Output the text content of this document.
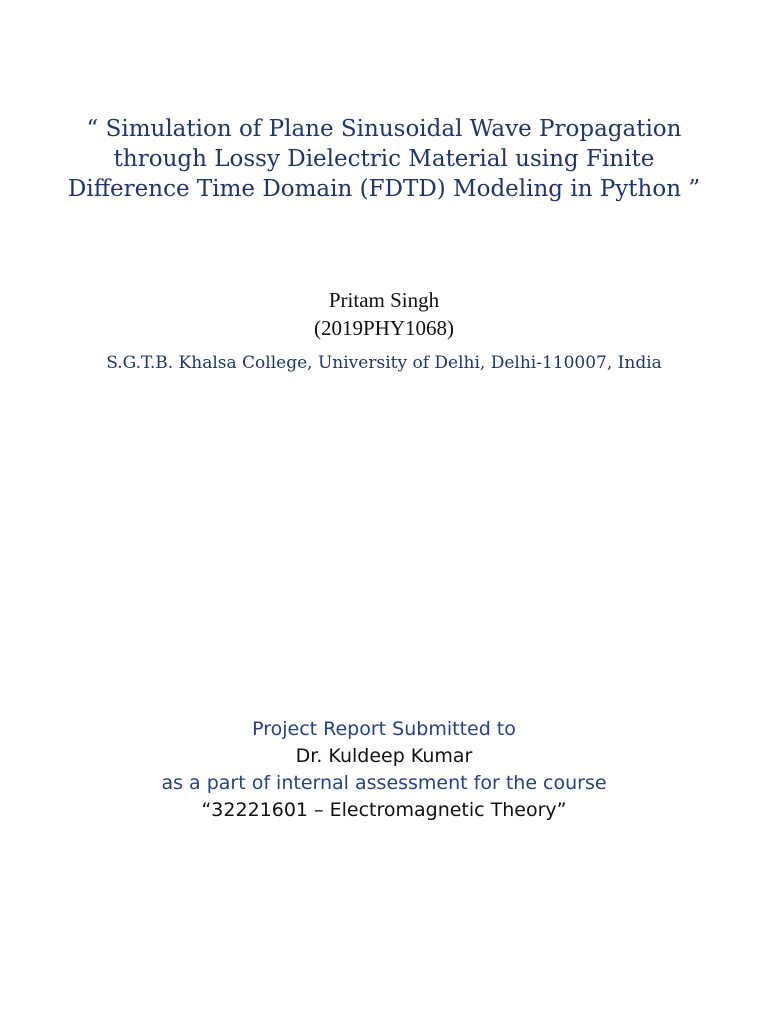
“ Simulation of Plane Sinusoidal Wave Propagation
through Lossy Dielectric Material using Finite
Difference Time Domain (FDTD) Modeling in Python ”
Pritam Singh
(2019PHY1068)
S.G.T.B. Khalsa College, University of Delhi, Delhi-110007, India
Project Report Submitted to
Dr. Kuldeep Kumar
as a part of internal assessment for the course
“32221601 – Electromagnetic Theory”
